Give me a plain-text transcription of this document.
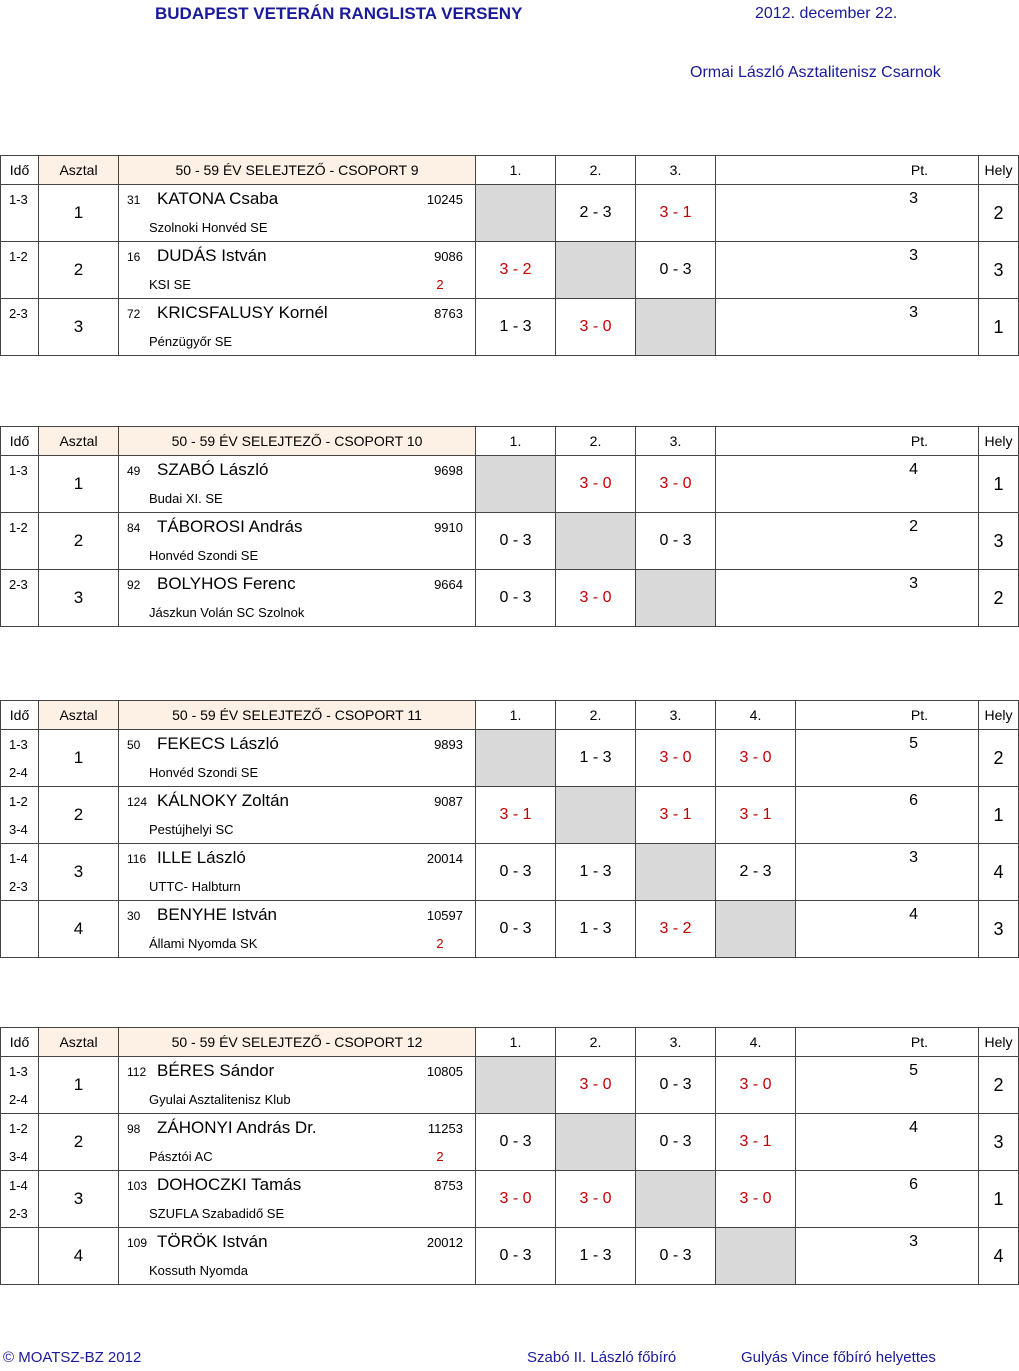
BUDAPEST VETERÁN RANGLISTA VERSENY	2012. december 22.
Ormai László Asztalitenisz Csarnok
Idő	Asztal	50 - 59 ÉV SELEJTEZŐ - CSOPORT 9	1.	2.	3.	Pt.	Hely
1-3	1	31 KATONA Csaba 10245		2 - 3	3 - 1	3	2

		Szolnoki Honvéd SE					

1-2	2	16 DUDÁS István 9086	3 - 2		0 - 3	3	3

		KSI SE 2					

2-3	3	72 KRICSFALUSY Kornél 8763	1 - 3	3 - 0		3	1

		Pénzügyőr SE					

Idő	Asztal	50 - 59 ÉV SELEJTEZŐ - CSOPORT 10	1.	2.	3.	Pt.	Hely
1-3	1	49 SZABÓ László 9698		3 - 0	3 - 0	4	1

		Budai XI. SE					

1-2	2	84 TÁBOROSI András 9910	0 - 3		0 - 3	2	3

		Honvéd Szondi SE					

2-3	3	92 BOLYHOS Ferenc 9664	0 - 3	3 - 0		3	2

		Jászkun Volán SC Szolnok					

Idő	Asztal	50 - 59 ÉV SELEJTEZŐ - CSOPORT 11	1.	2.	3.	4.	Pt.	Hely
1-3	1	50 FEKECS László 9893		1 - 3	3 - 0	3 - 0	5	2
2-4		Honvéd Szondi SE						

1-2	2	124 KÁLNOKY Zoltán 9087	3 - 1		3 - 1	3 - 1	6	1
3-4		Pestújhelyi SC						

1-4	3	116 ILLE László 20014	0 - 3	1 - 3		2 - 3	3	4
2-3		UTTC- Halbturn						

	4	30 BENYHE István 10597	0 - 3	1 - 3	3 - 2		4	3

		Állami Nyomda SK 2						

Idő	Asztal	50 - 59 ÉV SELEJTEZŐ - CSOPORT 12	1.	2.	3.	4.	Pt.	Hely
1-3	1	112 BÉRES Sándor 10805		3 - 0	0 - 3	3 - 0	5	2
2-4		Gyulai Asztalitenisz Klub						

1-2	2	98 ZÁHONYI András Dr. 11253	0 - 3		0 - 3	3 - 1	4	3
3-4		Pásztói AC 2						

1-4	3	103 DOHOCZKI Tamás 8753	3 - 0	3 - 0		3 - 0	6	1
2-3		SZUFLA Szabadidő SE						

	4	109 TÖRÖK István 20012	0 - 3	1 - 3	0 - 3		3	4

		Kossuth Nyomda						

© MOATSZ-BZ 2012	Szabó II. László főbíró	Gulyás Vince főbíró helyettes
